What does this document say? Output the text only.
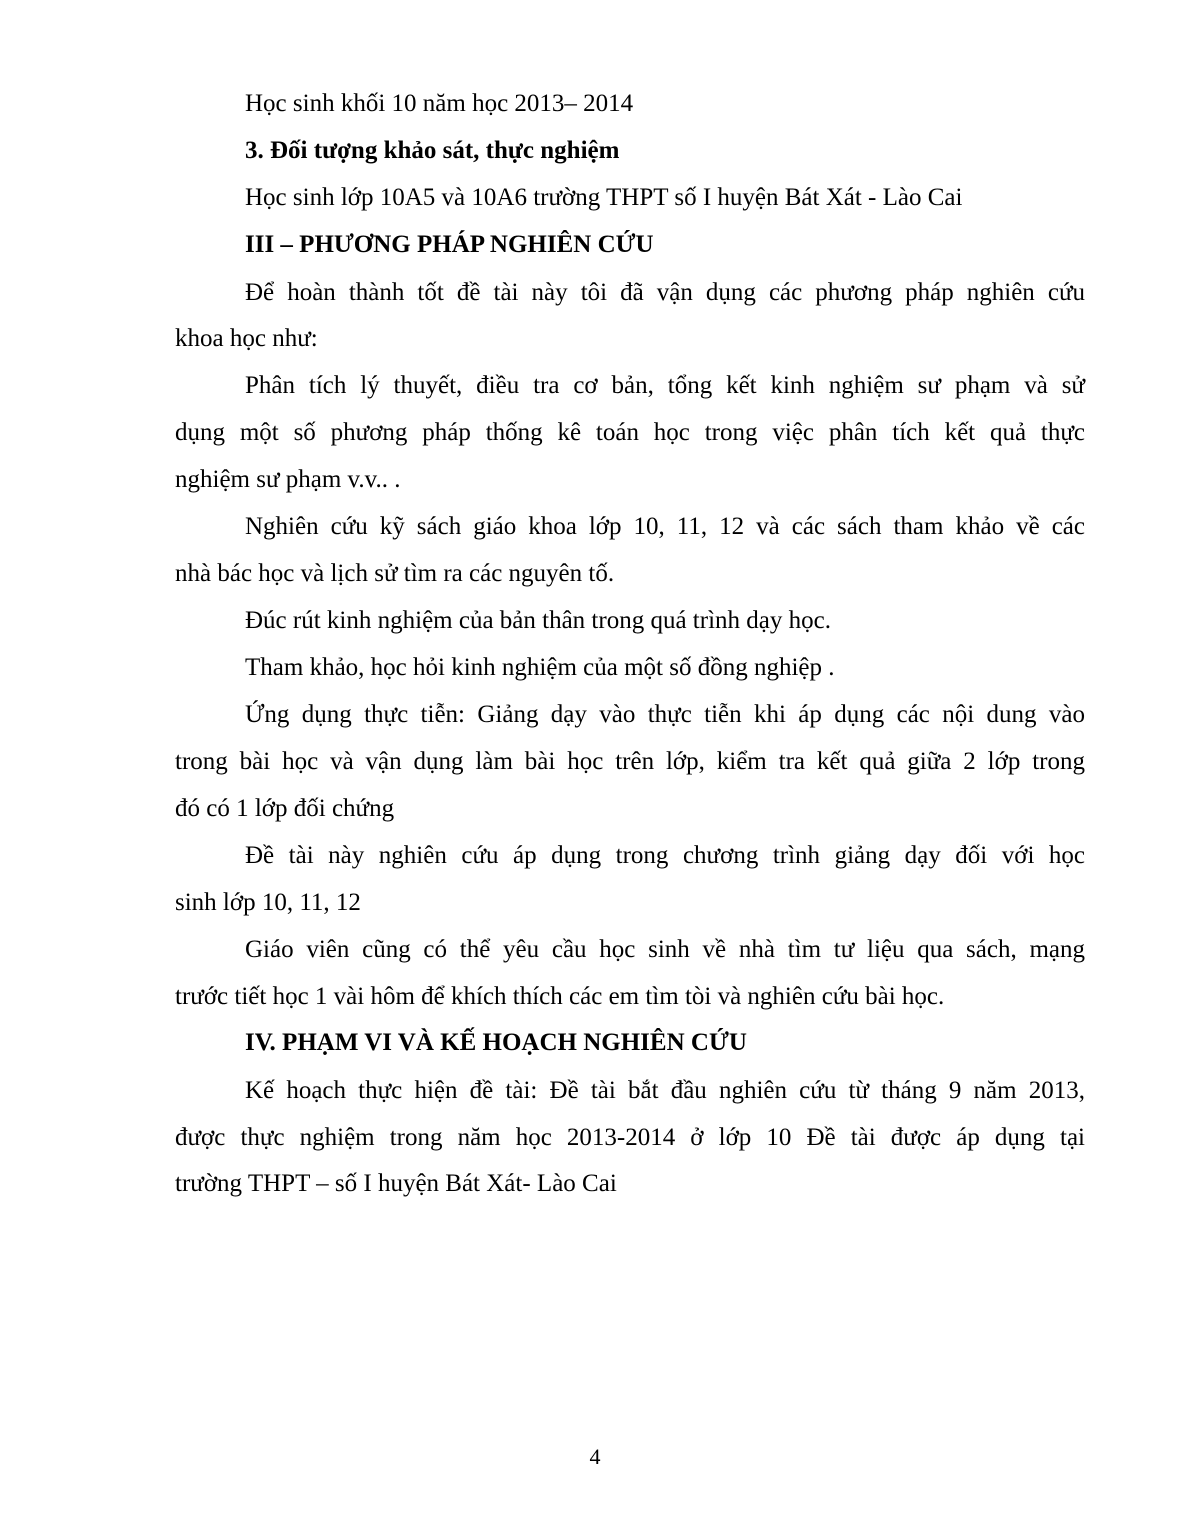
Học sinh khối 10 năm học 2013– 2014
3. Đối tượng khảo sát, thực nghiệm
Học sinh lớp 10A5 và 10A6 trường THPT số I huyện Bát Xát - Lào Cai
III – PHƯƠNG PHÁP NGHIÊN CỨU
Để hoàn thành tốt đề tài này tôi đã vận dụng các phương pháp nghiên cứu
khoa học như:
Phân tích lý thuyết, điều tra cơ bản, tổng kết kinh nghiệm sư phạm và sử
dụng một số phương pháp thống kê toán học trong việc phân tích kết quả thực
nghiệm sư phạm v.v.. .
Nghiên cứu kỹ sách giáo khoa lớp 10, 11, 12 và các sách tham khảo về các
nhà bác học và lịch sử tìm ra các nguyên tố.
Đúc rút kinh nghiệm của bản thân trong quá trình dạy học.
Tham khảo, học hỏi kinh nghiệm của một số đồng nghiệp .
Ứng dụng thực tiễn: Giảng dạy vào thực tiễn khi áp dụng các nội dung vào
trong bài học và vận dụng làm bài học trên lớp, kiểm tra kết quả giữa 2 lớp trong
đó có 1 lớp đối chứng
Đề tài này nghiên cứu áp dụng trong chương trình giảng dạy đối với học
sinh lớp 10, 11, 12
Giáo viên cũng có thể yêu cầu học sinh về nhà tìm tư liệu qua sách, mạng
trước tiết học 1 vài hôm để khích thích các em tìm tòi và nghiên cứu bài học.
IV. PHẠM VI VÀ KẾ HOẠCH NGHIÊN CỨU
Kế hoạch thực hiện đề tài: Đề tài bắt đầu nghiên cứu từ tháng 9 năm 2013,
được thực nghiệm trong năm học 2013-2014 ở lớp 10 Đề tài được áp dụng tại
trường THPT – số I huyện Bát Xát- Lào Cai
4
